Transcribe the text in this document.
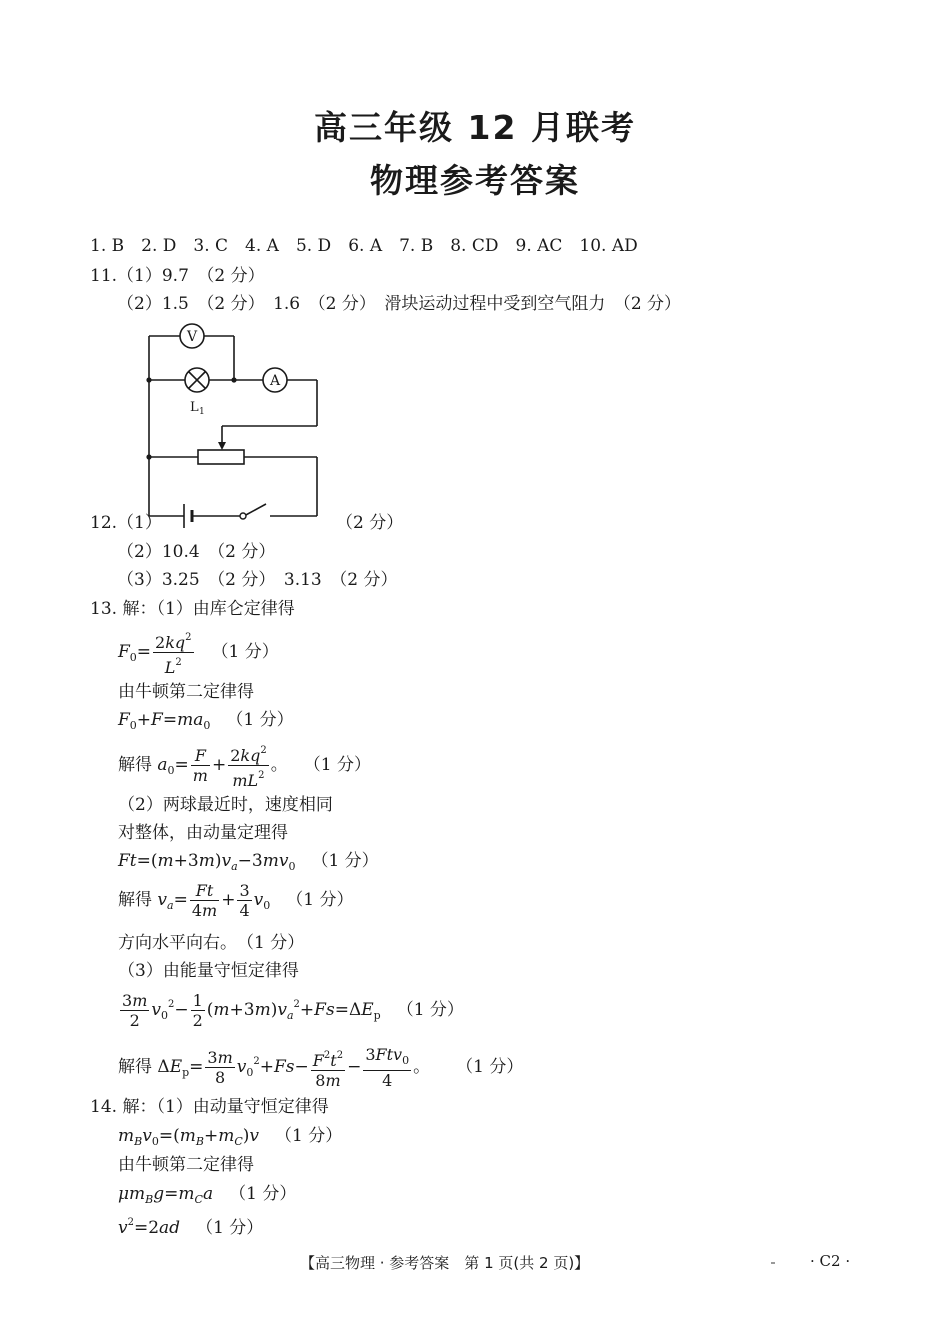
高三年级 12 月联考
物理参考答案
1. B 2. D 3. C 4. A 5. D 6. A 7. B 8. CD 9. AC 10. AD
11.（1）9.7　（2 分）
（2）1.5　（2 分）　1.6　（2 分）　滑块运动过程中受到空气阻力　（2 分）
V
L 1
A
12.（1）	（2 分）
（2）10.4　（2 分）
（3）3.25　（2 分）　3.13　（2 分）
13. 解：（1）由库仑定律得
$F_0= \frac{2kq^2}{L^2} (1$ 分）
由牛顿第二定律得
$F_0+F=ma_0$ （1 分）
解得 $a_0= \frac{F}{m} + \frac{2kq^2}{mL^2}$ 。 （1 分）
（2）两球最近时，速度相同
对整体，由动量定理得
$Ft=(m+3m)v_a-3mv_0$ （1 分）
解得 $v_a= \frac{Ft}{4m} + \frac{3}{4} v_0$ （1 分）
方向水平向右。　（1 分）
（3）由能量守恒定律得
$\frac{3m}{2} v_0^2- \frac{1}{2} (m+3m)v_a^2+Fs=\Delta E_p$ （1 分）
解得 $\Delta E_p= \frac{3m}{8} v_0^2+Fs- \frac{F^2t^2}{8m} - \frac{3Ftv_0}{4}$ 。 （1 分）
14. 解：（1）由动量守恒定律得
$m_Bv_0=(m_B+m_C)v$ （1 分）
由牛顿第二定律得
$\mu m_Bg=m_Ca$ （1 分）
$v^2=2ad$ （1 分）
【高三物理 · 参考答案　第 1 页(共 2 页)】	· C2 ·
